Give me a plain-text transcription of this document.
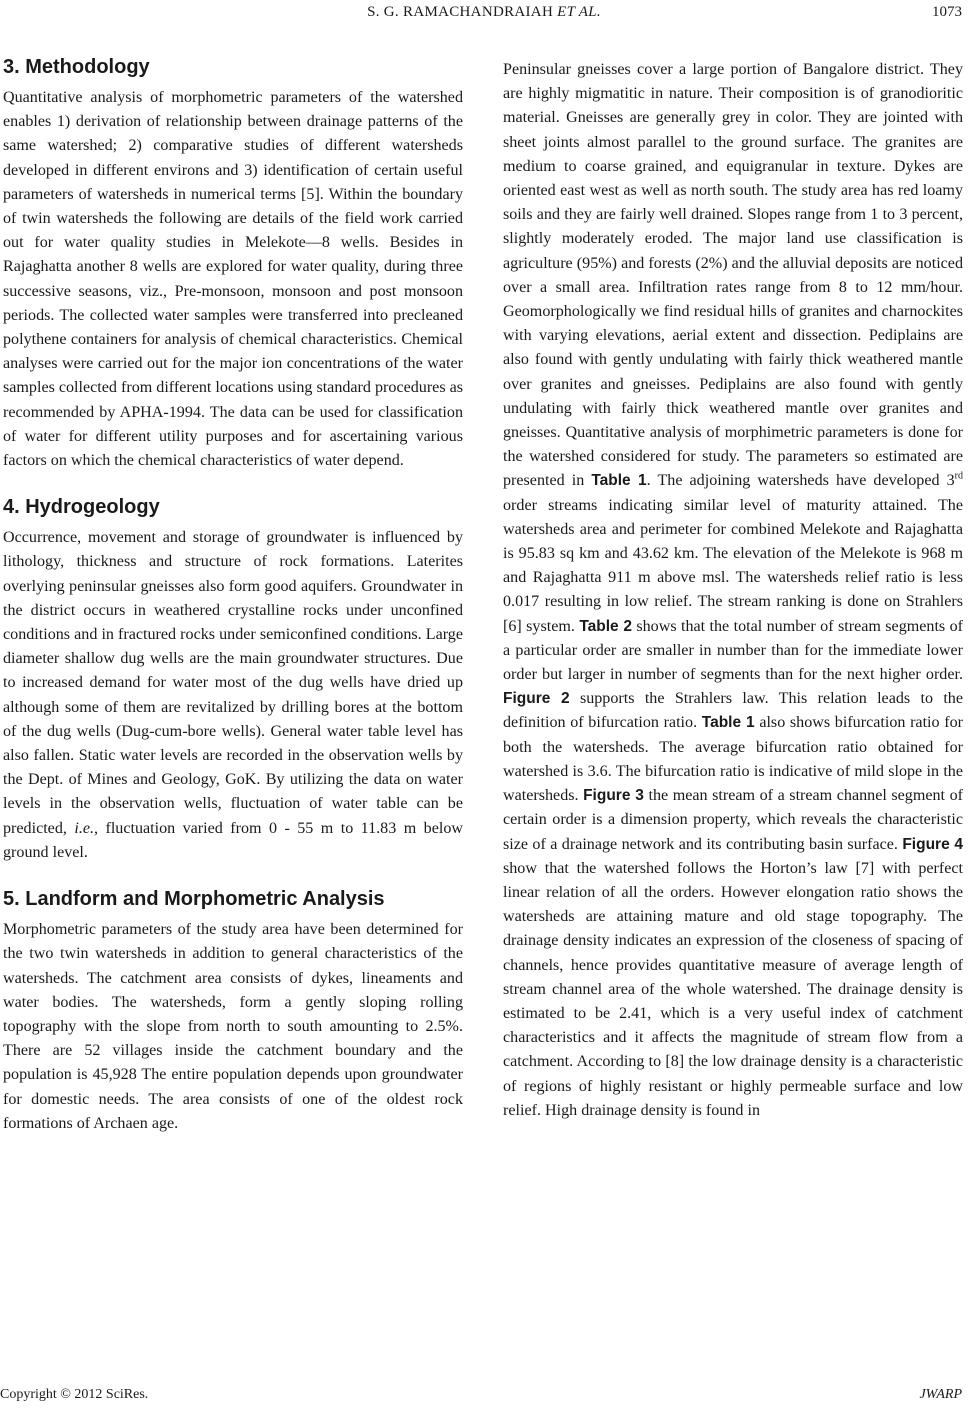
S. G. RAMACHANDRAIAH ET AL.	1073
3. Methodology

Quantitative analysis of morphometric parameters of the watershed enables 1) derivation of relationship between drainage patterns of the same watershed; 2) comparative studies of different watersheds developed in different environs and 3) identification of certain useful parameters of watersheds in numerical terms [5]. Within the boundary of twin watersheds the following are details of the field work carried out for water quality studies in Melekote—8 wells. Besides in Rajaghatta another 8 wells are explored for water quality, during three successive seasons, viz., Pre-monsoon, monsoon and post monsoon periods. The collected water samples were transferred into precleaned polythene containers for analysis of chemical characteristics. Chemical analyses were carried out for the major ion concentrations of the water samples collected from different locations using standard procedures as recommended by APHA-1994. The data can be used for classification of water for different utility purposes and for ascertaining various factors on which the chemical characteristics of water depend.

4. Hydrogeology

Occurrence, movement and storage of groundwater is influenced by lithology, thickness and structure of rock formations. Laterites overlying peninsular gneisses also form good aquifers. Groundwater in the district occurs in weathered crystalline rocks under unconfined conditions and in fractured rocks under semiconfined conditions. Large diameter shallow dug wells are the main groundwater structures. Due to increased demand for water most of the dug wells have dried up although some of them are revitalized by drilling bores at the bottom of the dug wells (Dug-cum-bore wells). General water table level has also fallen. Static water levels are recorded in the observation wells by the Dept. of Mines and Geology, GoK. By utilizing the data on water levels in the observation wells, fluctuation of water table can be predicted, i.e., fluctuation varied from 0 - 55 m to 11.83 m below ground level.

5. Landform and Morphometric Analysis

Morphometric parameters of the study area have been determined for the two twin watersheds in addition to general characteristics of the watersheds. The catchment area consists of dykes, lineaments and water bodies. The watersheds, form a gently sloping rolling topography with the slope from north to south amounting to 2.5%. There are 52 villages inside the catchment boundary and the population is 45,928 The entire population depends upon groundwater for domestic needs. The area consists of one of the oldest rock formations of Archaen age.

Peninsular gneisses cover a large portion of Bangalore district. They are highly migmatitic in nature. Their composition is of granodioritic material. Gneisses are generally grey in color. They are jointed with sheet joints almost parallel to the ground surface. The granites are medium to coarse grained, and equigranular in texture. Dykes are oriented east west as well as north south. The study area has red loamy soils and they are fairly well drained. Slopes range from 1 to 3 percent, slightly moderately eroded. The major land use classification is agriculture (95%) and forests (2%) and the alluvial deposits are noticed over a small area. Infiltration rates range from 8 to 12 mm/hour. Geomorphologically we find residual hills of granites and charnockites with varying elevations, aerial extent and dissection. Pediplains are also found with gently undulating with fairly thick weathered mantle over granites and gneisses. Pediplains are also found with gently undulating with fairly thick weathered mantle over granites and gneisses. Quantitative analysis of morphimetric parameters is done for the watershed considered for study. The parameters so estimated are presented in Table 1. The adjoining watersheds have developed 3rd order streams indicating similar level of maturity attained. The watersheds area and perimeter for combined Melekote and Rajaghatta is 95.83 sq km and 43.62 km. The elevation of the Melekote is 968 m and Rajaghatta 911 m above msl. The watersheds relief ratio is less 0.017 resulting in low relief. The stream ranking is done on Strahlers [6] system. Table 2 shows that the total number of stream segments of a particular order are smaller in number than for the immediate lower order but larger in number of segments than for the next higher order. Figure 2 supports the Strahlers law. This relation leads to the definition of bifurcation ratio. Table 1 also shows bifurcation ratio for both the watersheds. The average bifurcation ratio obtained for watershed is 3.6. The bifurcation ratio is indicative of mild slope in the watersheds. Figure 3 the mean stream of a stream channel segment of certain order is a dimension property, which reveals the characteristic size of a drainage network and its contributing basin surface. Figure 4 show that the watershed follows the Horton’s law [7] with perfect linear relation of all the orders. However elongation ratio shows the watersheds are attaining mature and old stage topography. The drainage density indicates an expression of the closeness of spacing of channels, hence provides quantitative measure of average length of stream channel area of the whole watershed. The drainage density is estimated to be 2.41, which is a very useful index of catchment characteristics and it affects the magnitude of stream flow from a catchment. According to [8] the low drainage density is a characteristic of regions of highly resistant or highly permeable surface and low relief. High drainage density is found in

Copyright © 2012 SciRes.	JWARP
